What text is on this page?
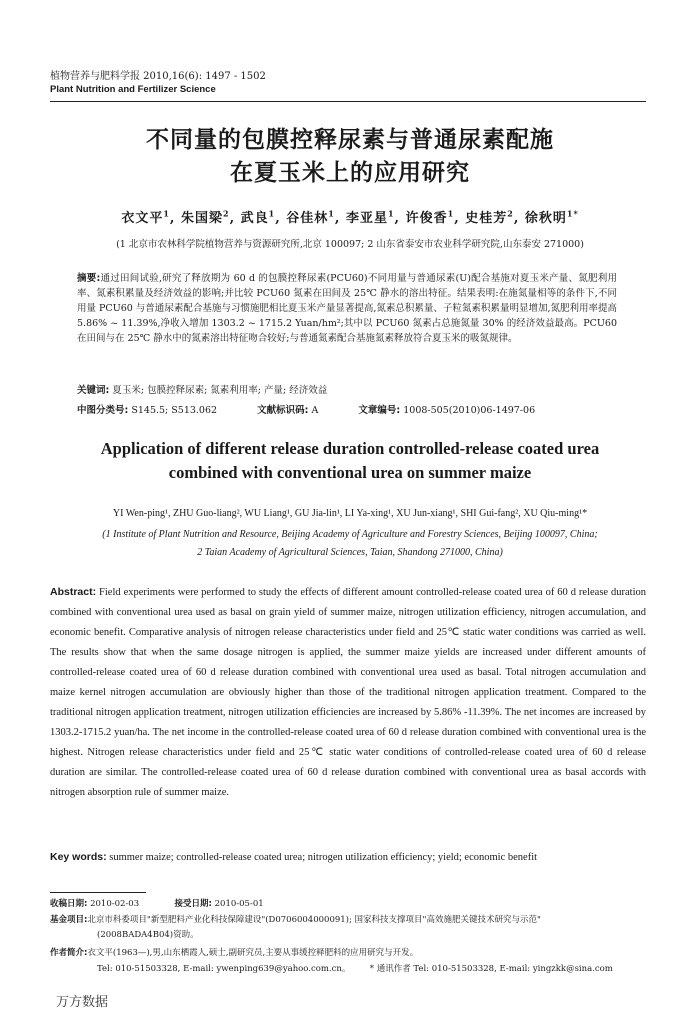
植物营养与肥料学报 2010,16(6): 1497 - 1502
Plant Nutrition and Fertilizer Science
不同量的包膜控释尿素与普通尿素配施
在夏玉米上的应用研究
衣文平$^1$, 朱国梁$^2$, 武良$^1$, 谷佳林$^1$, 李亚星$^1$, 许俊香$^1$, 史桂芳$^2$, 徐秋明$^{1*}$
(1 北京市农林科学院植物营养与资源研究所,北京 100097; 2 山东省泰安市农业科学研究院,山东泰安 271000)
摘要:通过田间试验,研究了释放期为 60 d 的包膜控释尿素(PCU60)不同用量与普通尿素(U)配合基施对夏玉米产量、氮肥利用率、氮素积累量及经济效益的影响;并比较 PCU60 氮素在田间及 25℃ 静水的溶出特征。结果表明:在施氮量相等的条件下,不同用量 PCU60 与普通尿素配合基施与习惯施肥相比夏玉米产量显著提高,氮素总积累量、子粒氮素积累量明显增加,氮肥利用率提高 5.86% ~ 11.39%,净收入增加 1303.2 ~ 1715.2 Yuan/hm²;其中以 PCU60 氮素占总施氮量 30% 的经济效益最高。PCU60 在田间与在 25℃ 静水中的氮素溶出特征吻合较好;与普通氮素配合基施氮素释放符合夏玉米的吸氮规律。
关键词: 夏玉米; 包膜控释尿素; 氮素利用率; 产量; 经济效益
中图分类号: S145.5; S513.062	文献标识码: A	文章编号: 1008-505(2010)06-1497-06
Application of different release duration controlled-release coated urea
combined with conventional urea on summer maize
YI Wen-ping¹, ZHU Guo-liang², WU Liang¹, GU Jia-lin¹, LI Ya-xing¹, XU Jun-xiang¹, SHI Gui-fang², XU Qiu-ming¹*
(1 Institute of Plant Nutrition and Resource, Beijing Academy of Agriculture and Forestry Sciences, Beijing 100097, China;
2 Taian Academy of Agricultural Sciences, Taian, Shandong 271000, China)
Abstract: Field experiments were performed to study the effects of different amount controlled-release coated urea of 60 d release duration combined with conventional urea used as basal on grain yield of summer maize, nitrogen utilization efficiency, nitrogen accumulation, and economic benefit. Comparative analysis of nitrogen release characteristics under field and 25℃ static water conditions was carried as well. The results show that when the same dosage nitrogen is applied, the summer maize yields are increased under different amounts of controlled-release coated urea of 60 d release duration combined with conventional urea used as basal. Total nitrogen accumulation and maize kernel nitrogen accumulation are obviously higher than those of the traditional nitrogen application treatment. Compared to the traditional nitrogen application treatment, nitrogen utilization efficiencies are increased by 5.86% -11.39%. The net incomes are increased by 1303.2-1715.2 yuan/ha. The net income in the controlled-release coated urea of 60 d release duration combined with conventional urea is the highest. Nitrogen release characteristics under field and 25℃ static water conditions of controlled-release coated urea of 60 d release duration are similar. The controlled-release coated urea of 60 d release duration combined with conventional urea as basal accords with nitrogen absorption rule of summer maize.
Key words: summer maize; controlled-release coated urea; nitrogen utilization efficiency; yield; economic benefit
收稿日期: 2010-02-03	接受日期: 2010-05-01
基金项目:北京市科委项目"新型肥料产业化科技保障建设"(D0706004000091); 国家科技支撑项目"高效施肥关键技术研究与示范"
(2008BADA4B04)资助。
作者简介:衣文平(1963—),男,山东栖霞人,硕士,副研究员,主要从事缓控释肥料的应用研究与开发。
Tel: 010-51503328, E-mail: ywenping639@yahoo.com.cn。 * 通讯作者 Tel: 010-51503328, E-mail: yingzkk@sina.com
万方数据
